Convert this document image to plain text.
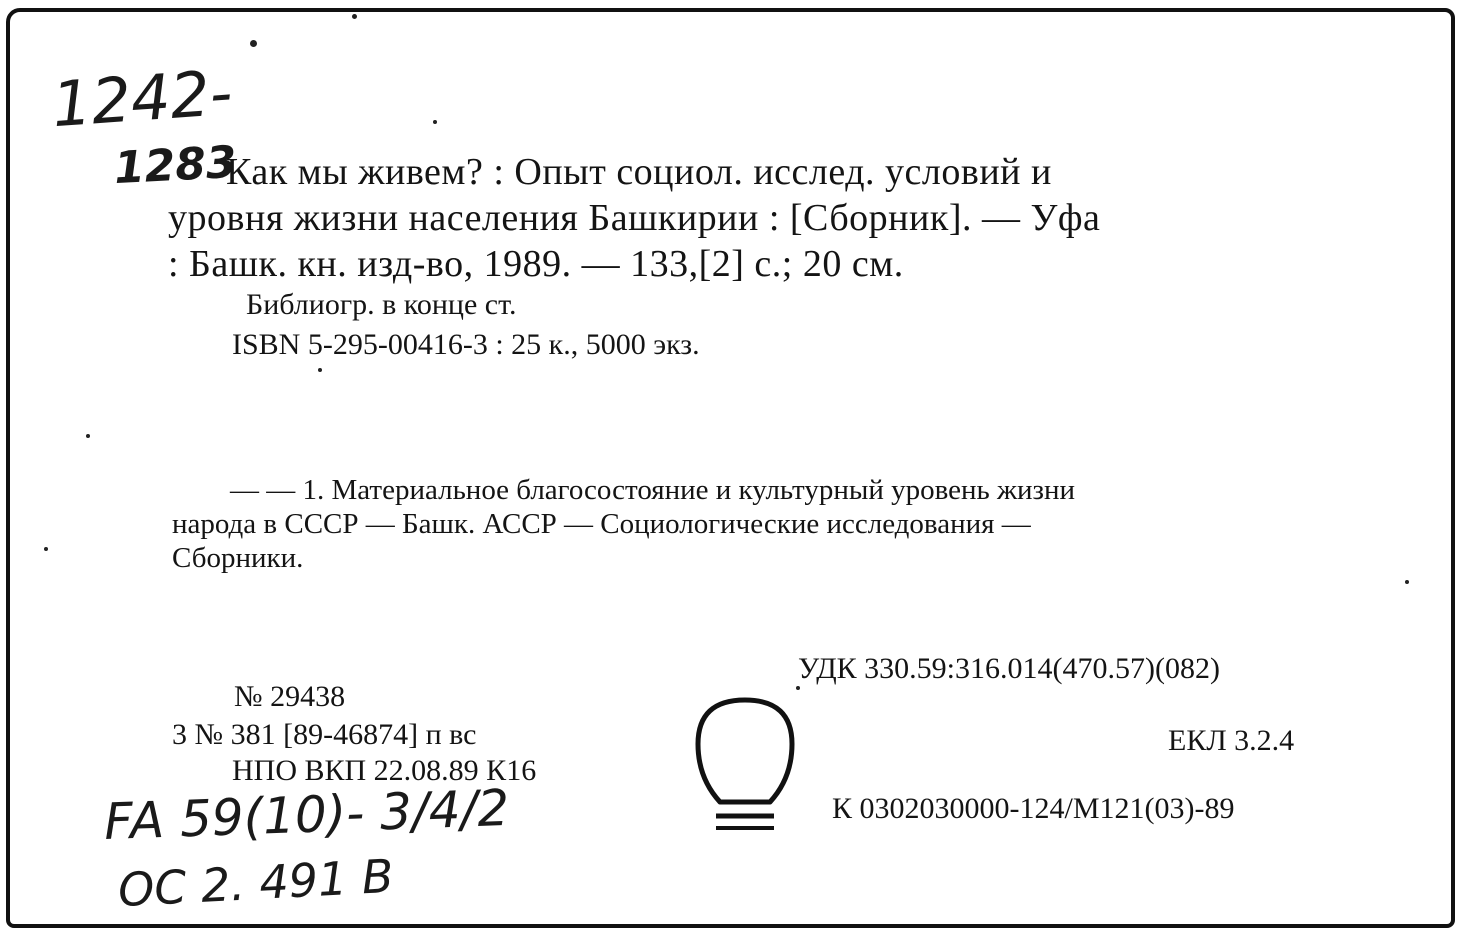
1242-
1283
Как мы живем? : Опыт социол. исслед. условий и
уровня жизни населения Башкирии : [Сборник]. — Уфа
: Башк. кн. изд-во, 1989. — 133,[2] с.; 20 см.
Библиогр. в конце ст.
ISBN 5-295-00416-3 : 25 к., 5000 экз.
— — 1. Материальное благосостояние и культурный уровень жизни
народа в СССР — Башк. АССР — Социологические исследования —
Сборники.
УДК 330.59:316.014(470.57)(082)
ЕКЛ 3.2.4
К 0302030000-124/М121(03)-89
№ 29438
3 № 381 [89-46874] п вс
НПО ВКП 22.08.89 К16
FA 59(10)- 3/4/2
OC 2. 491 B
